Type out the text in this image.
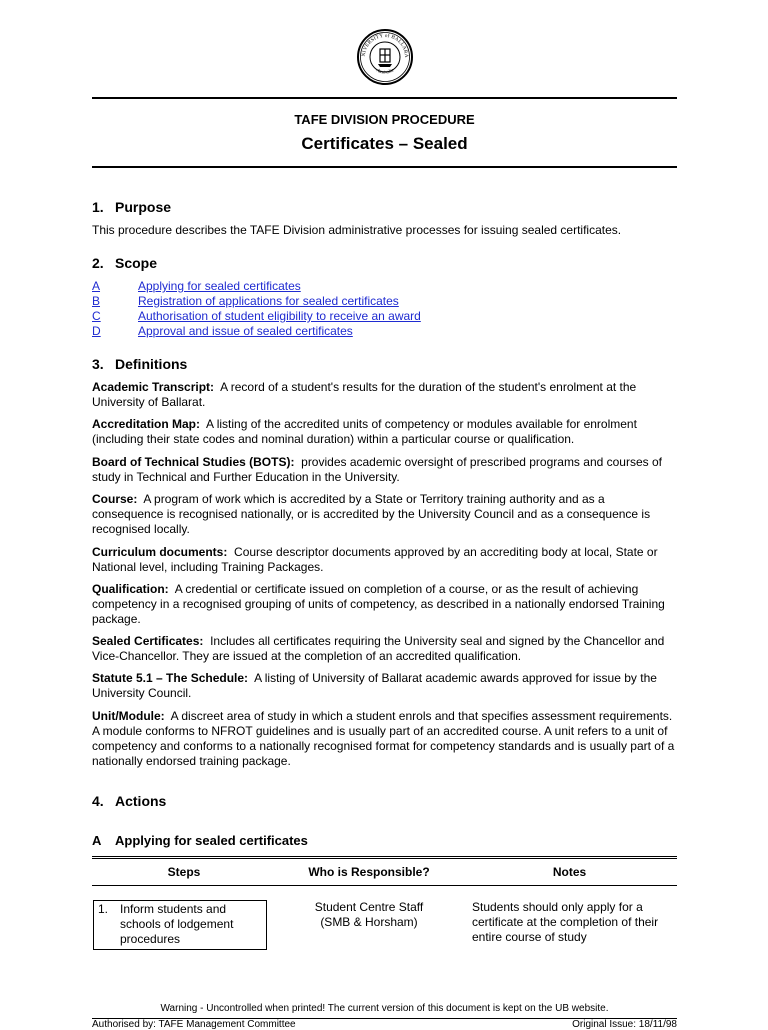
NIVERSITY of BALLARA
Australia
TAFE DIVISION PROCEDURE
Certificates – Sealed
1. Purpose
This procedure describes the TAFE Division administrative processes for issuing sealed certificates.
2. Scope
A	Applying for sealed certificates
B	Registration of applications for sealed certificates
C	Authorisation of student eligibility to receive an award
D	Approval and issue of sealed certificates
3. Definitions
Academic Transcript: A record of a student's results for the duration of the student's enrolment at the University of Ballarat.
Accreditation Map: A listing of the accredited units of competency or modules available for enrolment (including their state codes and nominal duration) within a particular course or qualification.
Board of Technical Studies (BOTS): provides academic oversight of prescribed programs and courses of study in Technical and Further Education in the University.
Course: A program of work which is accredited by a State or Territory training authority and as a consequence is recognised nationally, or is accredited by the University Council and as a consequence is recognised locally.
Curriculum documents: Course descriptor documents approved by an accrediting body at local, State or National level, including Training Packages.
Qualification: A credential or certificate issued on completion of a course, or as the result of achieving competency in a recognised grouping of units of competency, as described in a nationally endorsed Training package.
Sealed Certificates: Includes all certificates requiring the University seal and signed by the Chancellor and Vice-Chancellor. They are issued at the completion of an accredited qualification.
Statute 5.1 – The Schedule: A listing of University of Ballarat academic awards approved for issue by the University Council.
Unit/Module: A discreet area of study in which a student enrols and that specifies assessment requirements. A module conforms to NFROT guidelines and is usually part of an accredited course. A unit refers to a unit of competency and conforms to a nationally recognised format for competency standards and is usually part of a nationally endorsed training package.
4. Actions
A Applying for sealed certificates
Steps	Who is Responsible?	Notes

1. Inform students and schools of lodgement procedures	Student Centre Staff (SMB & Horsham)	Students should only apply for a certificate at the completion of their entire course of study
Warning - Uncontrolled when printed! The current version of this document is kept on the UB website.
Authorised by: TAFE Management Committee	Original Issue: 18/11/98
